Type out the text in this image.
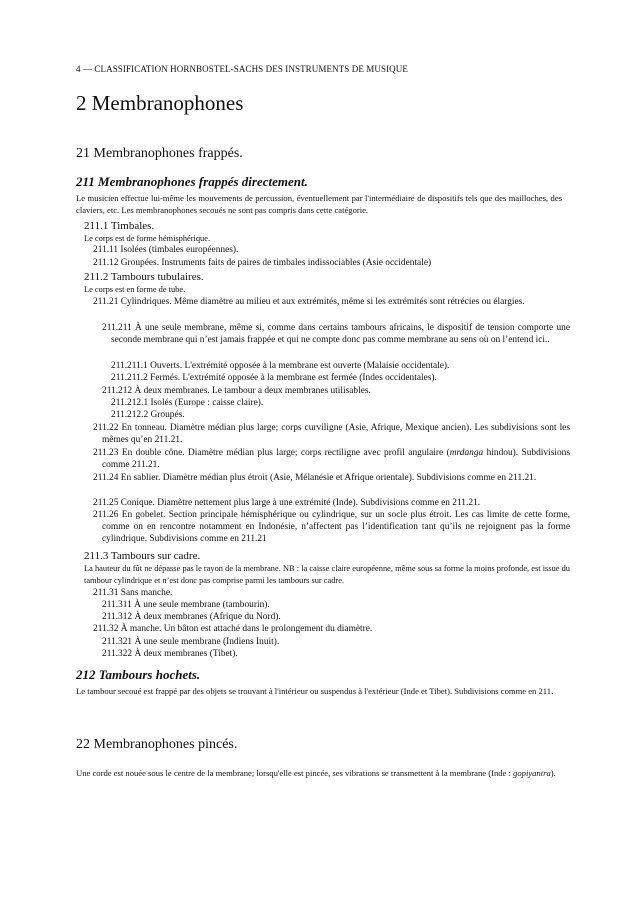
4 — CLASSIFICATION HORNBOSTEL-SACHS DES INSTRUMENTS DE MUSIQUE
2 Membranophones
21 Membranophones frappés.
211 Membranophones frappés directement.
Le musicien effectue lui-même les mouvements de percussion, éventuellement par l'intermédiaire de dispositifs tels que des mailloches, des claviers, etc. Les membranophones secoués ne sont pas compris dans cette catégorie.
211.1 Timbales.
Le corps est de forme hémisphérique.
211.11 Isolées (timbales européennes).
211.12 Groupées. Instruments faits de paires de timbales indissociables (Asie occidentale)
211.2 Tambours tubulaires.
Le corps est en forme de tube.
211.21 Cylindriques. Même diamètre au milieu et aux extrémités, même si les extrémités sont rétrécies ou élargies.
211.211 À une seule membrane, même si, comme dans certains tambours africains, le dispositif de tension comporte une seconde membrane qui n’est jamais frappée et qui ne compte donc pas comme membrane au sens où on l’entend ici..
211.211.1 Ouverts. L'extrémité opposée à la membrane est ouverte (Malaisie occidentale).
211.211.2 Fermés. L'extrémité opposée à la membrane est fermée (Indes occidentales).
211.212 À deux membranes. Le tambour a deux membranes utilisables.
211.212.1 Isolés (Europe : caisse claire).
211.212.2 Groupés.
211.22 En tonneau. Diamètre médian plus large; corps curviligne (Asie, Afrique, Mexique ancien). Les subdivisions sont les mêmes qu’en 211.21.
211.23 En double cône. Diamètre médian plus large; corps rectiligne avec profil angulaire (mrdanga hindou). Subdivisions comme 211.21.
211.24 En sablier. Diamètre médian plus étroit (Asie, Mélanésie et Afrique orientale). Subdivisions comme en 211.21.
211.25 Conique. Diamètre nettement plus large à une extrémité (Inde). Subdivisions comme en 211.21.
211.26 En gobelet. Section principale hémisphérique ou cylindrique, sur un socle plus étroit. Les cas limite de cette forme, comme on en rencontre notamment en Indonésie, n’affectent pas l’identification tant qu’ils ne rejoignent pas la forme cylindrique. Subdivisions comme en 211.21
211.3 Tambours sur cadre.
La hauteur du fût ne dépasse pas le rayon de la membrane. NB : la caisse claire européenne, même sous sa forme la moins profonde, est issue du tambour cylindrique et n’est donc pas comprise parmi les tambours sur cadre.
211.31 Sans manche.
211.311 À une seule membrane (tambourin).
211.312 À deux membranes (Afrique du Nord).
211.32 À manche. Un bâton est attaché dans le prolongement du diamètre.
211.321 À une seule membrane (Indiens Inuit).
211.322 À deux membranes (Tibet).
212 Tambours hochets.
Le tambour secoué est frappé par des objets se trouvant à l'intérieur ou suspendus à l'extérieur (Inde et Tibet). Subdivisions comme en 211.
22 Membranophones pincés.
Une corde est nouée sous le centre de la membrane; lorsqu'elle est pincée, ses vibrations se transmettent à la membrane (Inde : gopiyantra).
